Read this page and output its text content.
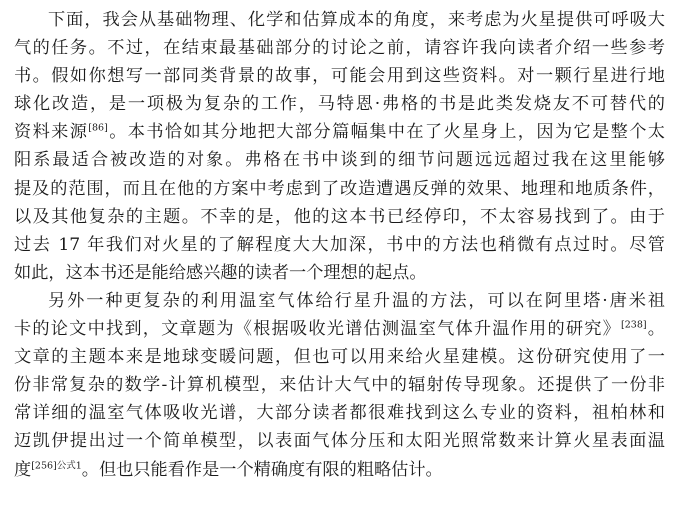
下面，我会从基础物理、化学和估算成本的角度，来考虑为火星提供可呼吸大
气的任务。不过，在结束最基础部分的讨论之前，请容许我向读者介绍一些参考
书。假如你想写一部同类背景的故事，可能会用到这些资料。对一颗行星进行地
球化改造，是一项极为复杂的工作，马特恩·弗格的书是此类发烧友不可替代的
资料来源[86]。本书恰如其分地把大部分篇幅集中在了火星身上，因为它是整个太
阳系最适合被改造的对象。弗格在书中谈到的细节问题远远超过我在这里能够
提及的范围，而且在他的方案中考虑到了改造遭遇反弹的效果、地理和地质条件，
以及其他复杂的主题。不幸的是，他的这本书已经停印，不太容易找到了。由于
过去 17 年我们对火星的了解程度大大加深，书中的方法也稍微有点过时。尽管
如此，这本书还是能给感兴趣的读者一个理想的起点。
另外一种更复杂的利用温室气体给行星升温的方法，可以在阿里塔·唐米祖
卡的论文中找到，文章题为《根据吸收光谱估测温室气体升温作用的研究》[238]。
文章的主题本来是地球变暖问题，但也可以用来给火星建模。这份研究使用了一
份非常复杂的数学-计算机模型，来估计大气中的辐射传导现象。还提供了一份非
常详细的温室气体吸收光谱，大部分读者都很难找到这么专业的资料，祖柏林和
迈凯伊提出过一个简单模型，以表面气体分压和太阳光照常数来计算火星表面温
度$^{[256]公式1}$。但也只能看作是一个精确度有限的粗略估计。
